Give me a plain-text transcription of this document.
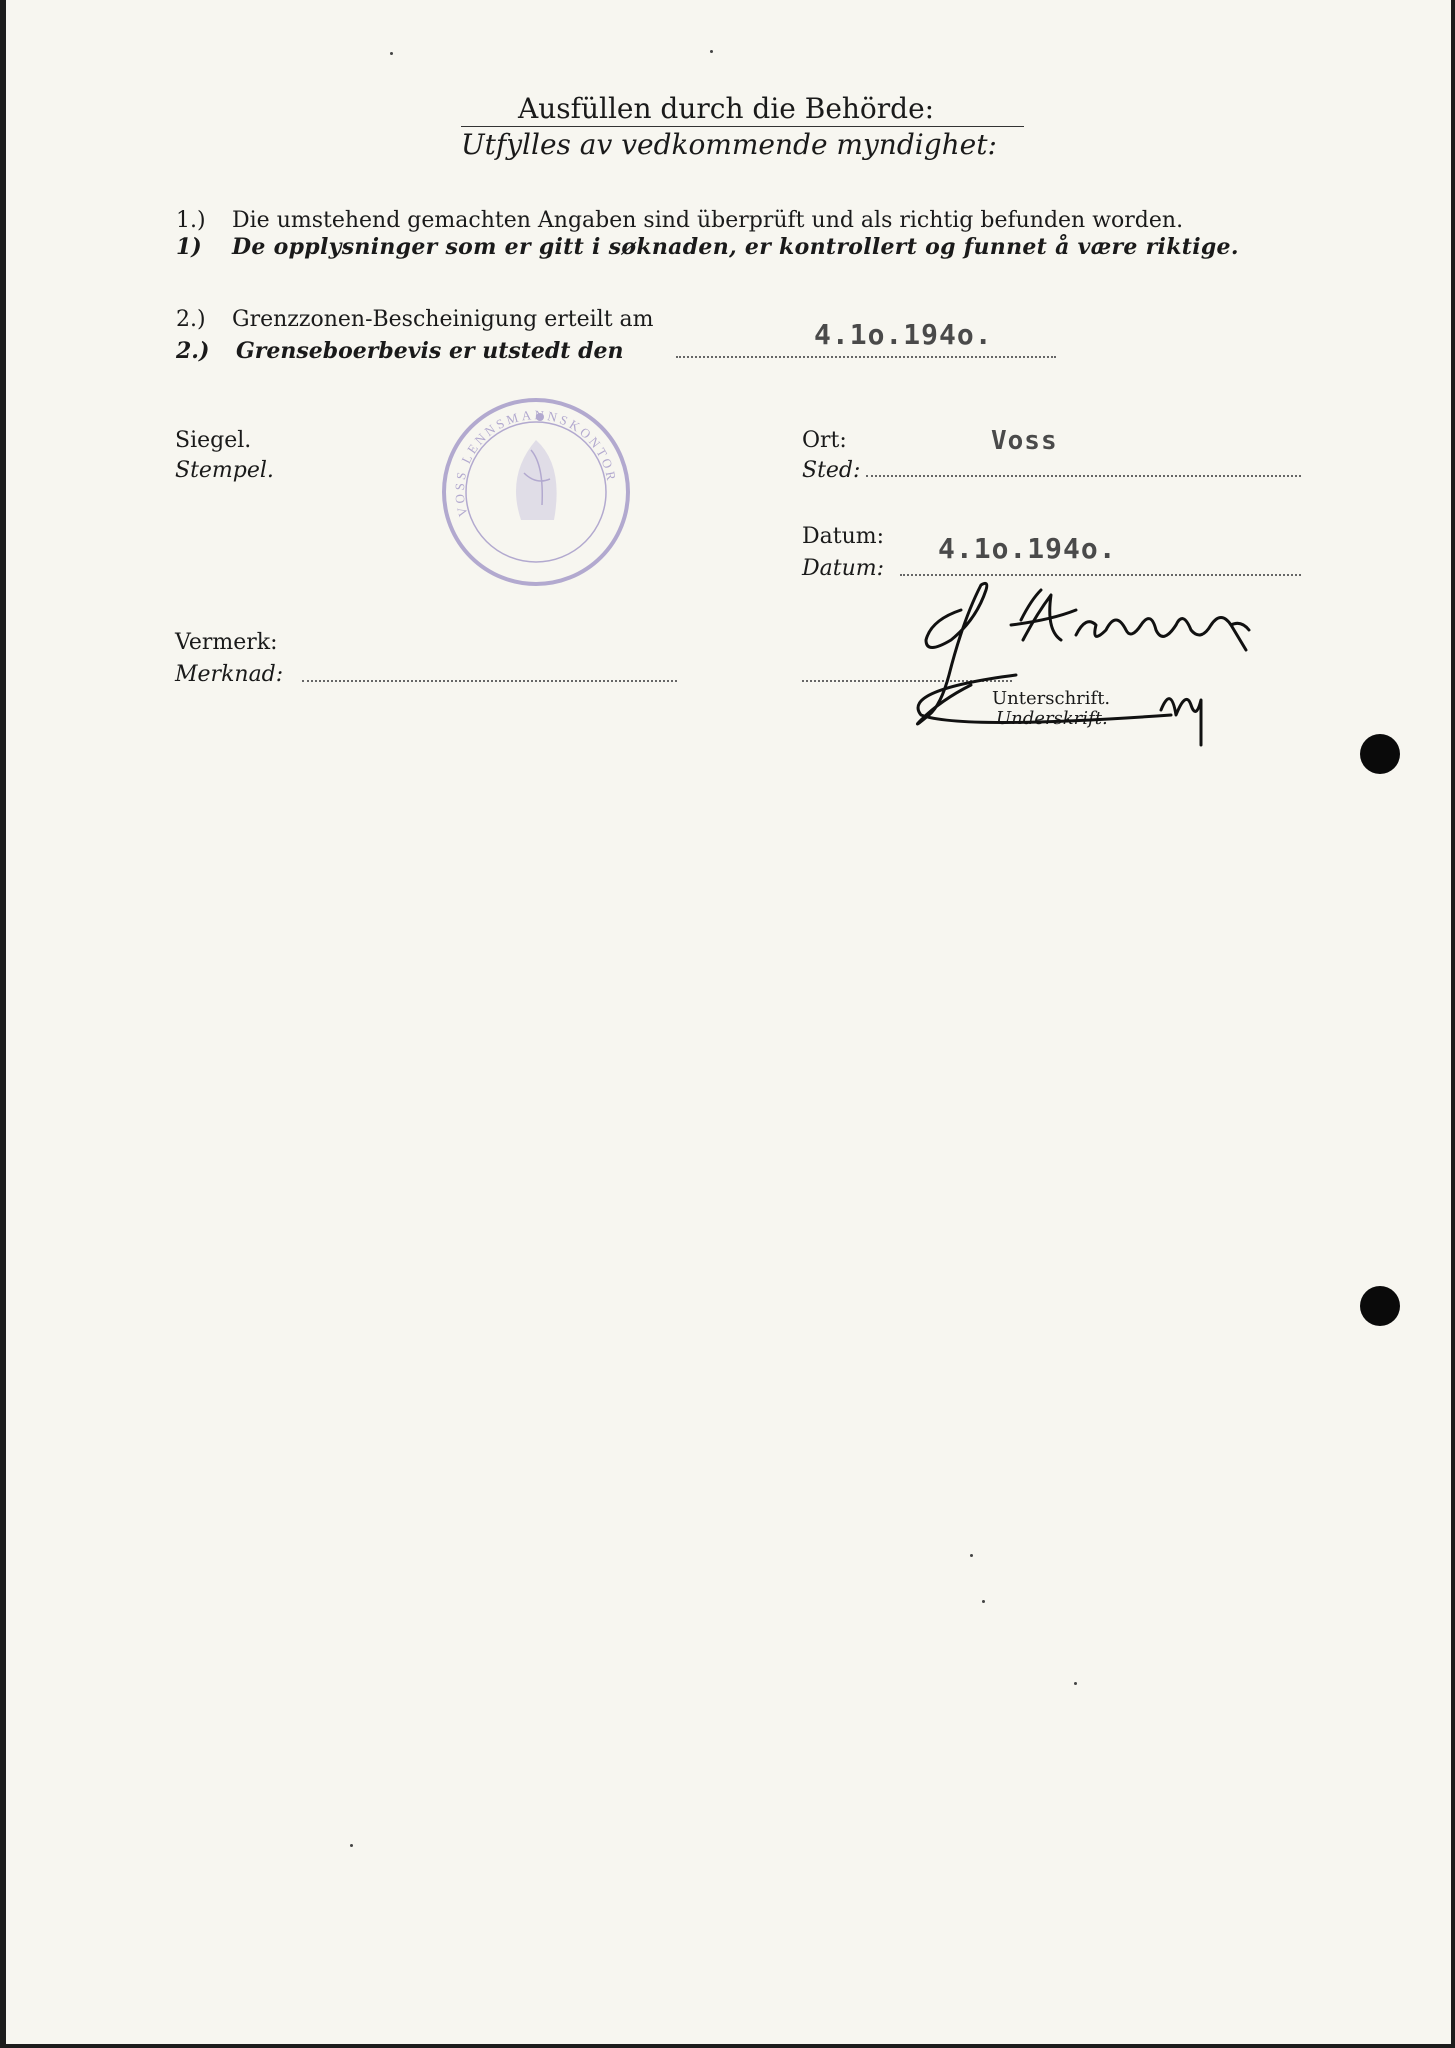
Ausfüllen durch die Behörde:
Utfylles av vedkommende myndighet:
1.) Die umstehend gemachten Angaben sind überprüft und als richtig befunden worden.
1) De opplysninger som er gitt i søknaden, er kontrollert og funnet å være riktige.
2.) Grenzzonen-Bescheinigung erteilt am
2.) Grenseboerbevis er utstedt den	4.1o.194o.
Siegel.
Stempel.
VOSS LENNSMANNSKONTOR
Ort:	Voss
Sted:
Datum: 4.1o.194o.
Datum:
Vermerk:
Merknad:
Unterschrift.
Underskrift.
